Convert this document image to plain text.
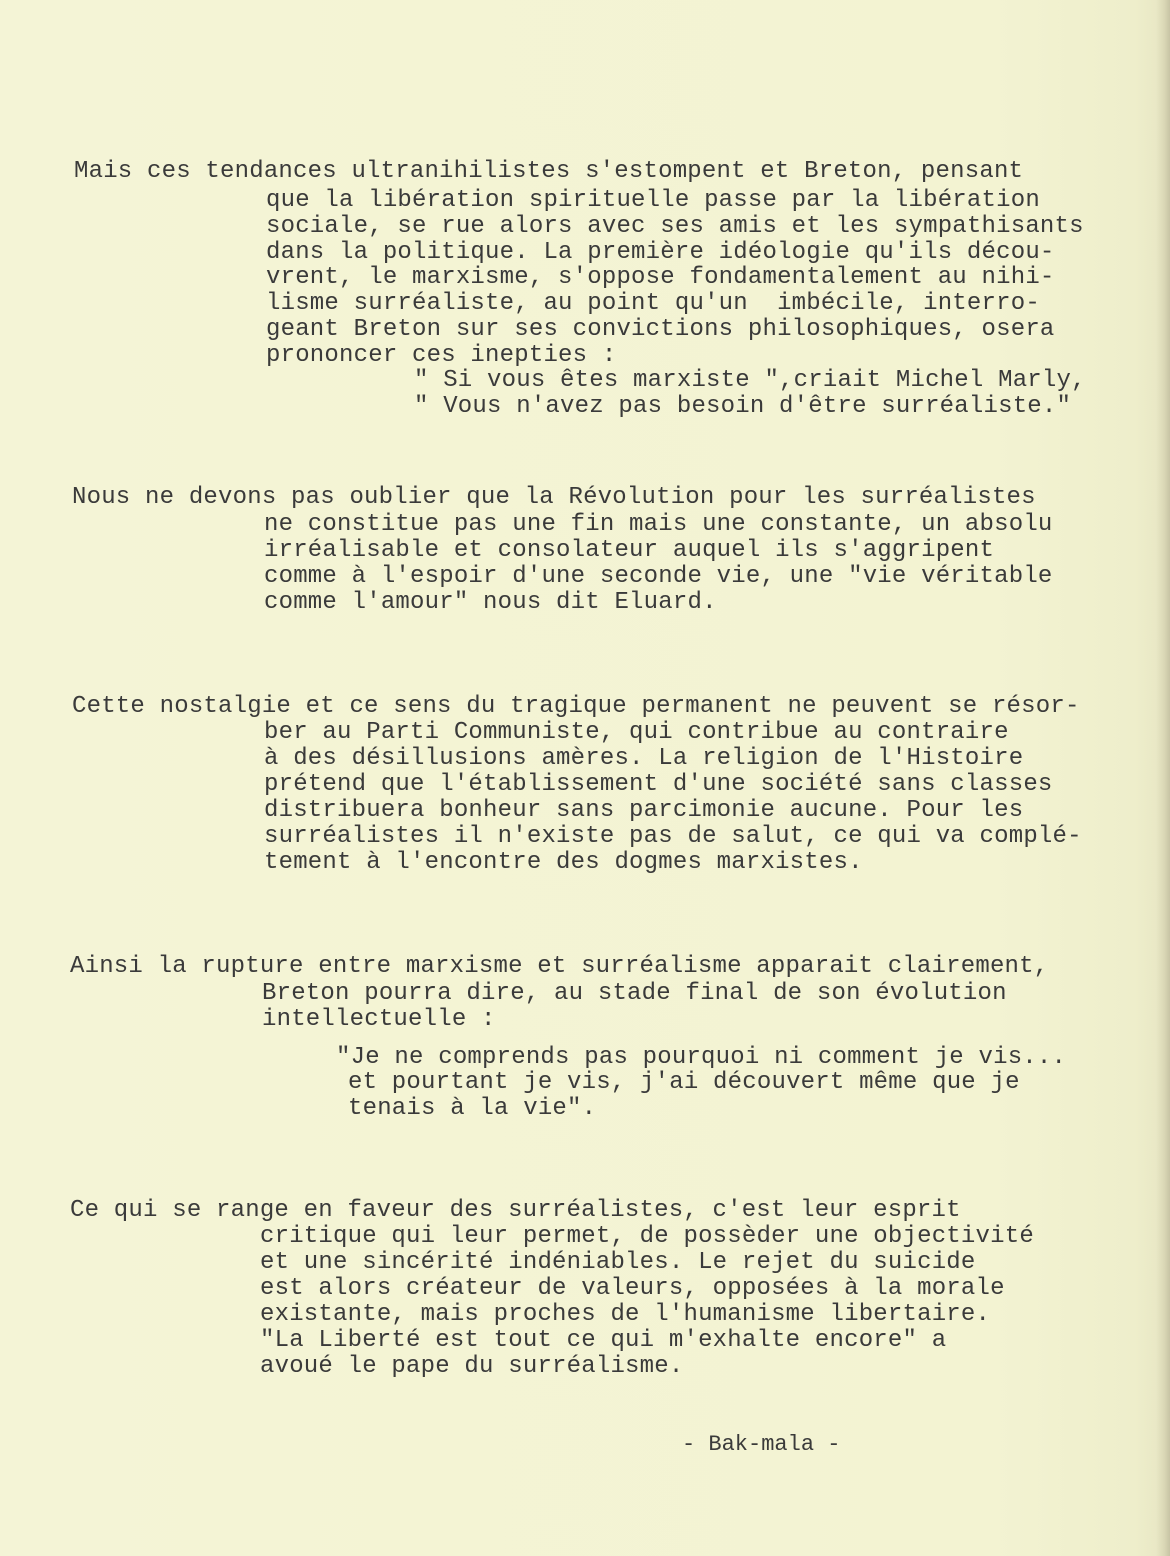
Mais ces tendances ultranihilistes s'estompent et Breton, pensant
que la libération spirituelle passe par la libération
sociale, se rue alors avec ses amis et les sympathisants
dans la politique. La première idéologie qu'ils décou-
vrent, le marxisme, s'oppose fondamentalement au nihi-
lisme surréaliste, au point qu'un  imbécile, interro-
geant Breton sur ses convictions philosophiques, osera
prononcer ces inepties :
" Si vous êtes marxiste ",criait Michel Marly,
" Vous n'avez pas besoin d'être surréaliste."
Nous ne devons pas oublier que la Révolution pour les surréalistes
ne constitue pas une fin mais une constante, un absolu
irréalisable et consolateur auquel ils s'aggripent
comme à l'espoir d'une seconde vie, une "vie véritable
comme l'amour" nous dit Eluard.
Cette nostalgie et ce sens du tragique permanent ne peuvent se résor-
ber au Parti Communiste, qui contribue au contraire
à des désillusions amères. La religion de l'Histoire
prétend que l'établissement d'une société sans classes
distribuera bonheur sans parcimonie aucune. Pour les
surréalistes il n'existe pas de salut, ce qui va complé-
tement à l'encontre des dogmes marxistes.
Ainsi la rupture entre marxisme et surréalisme apparait clairement,
Breton pourra dire, au stade final de son évolution
intellectuelle :
"Je ne comprends pas pourquoi ni comment je vis...
et pourtant je vis, j'ai découvert même que je
tenais à la vie".
Ce qui se range en faveur des surréalistes, c'est leur esprit
critique qui leur permet, de possèder une objectivité
et une sincérité indéniables. Le rejet du suicide
est alors créateur de valeurs, opposées à la morale
existante, mais proches de l'humanisme libertaire.
"La Liberté est tout ce qui m'exhalte encore" a
avoué le pape du surréalisme.
- Bak-mala -
